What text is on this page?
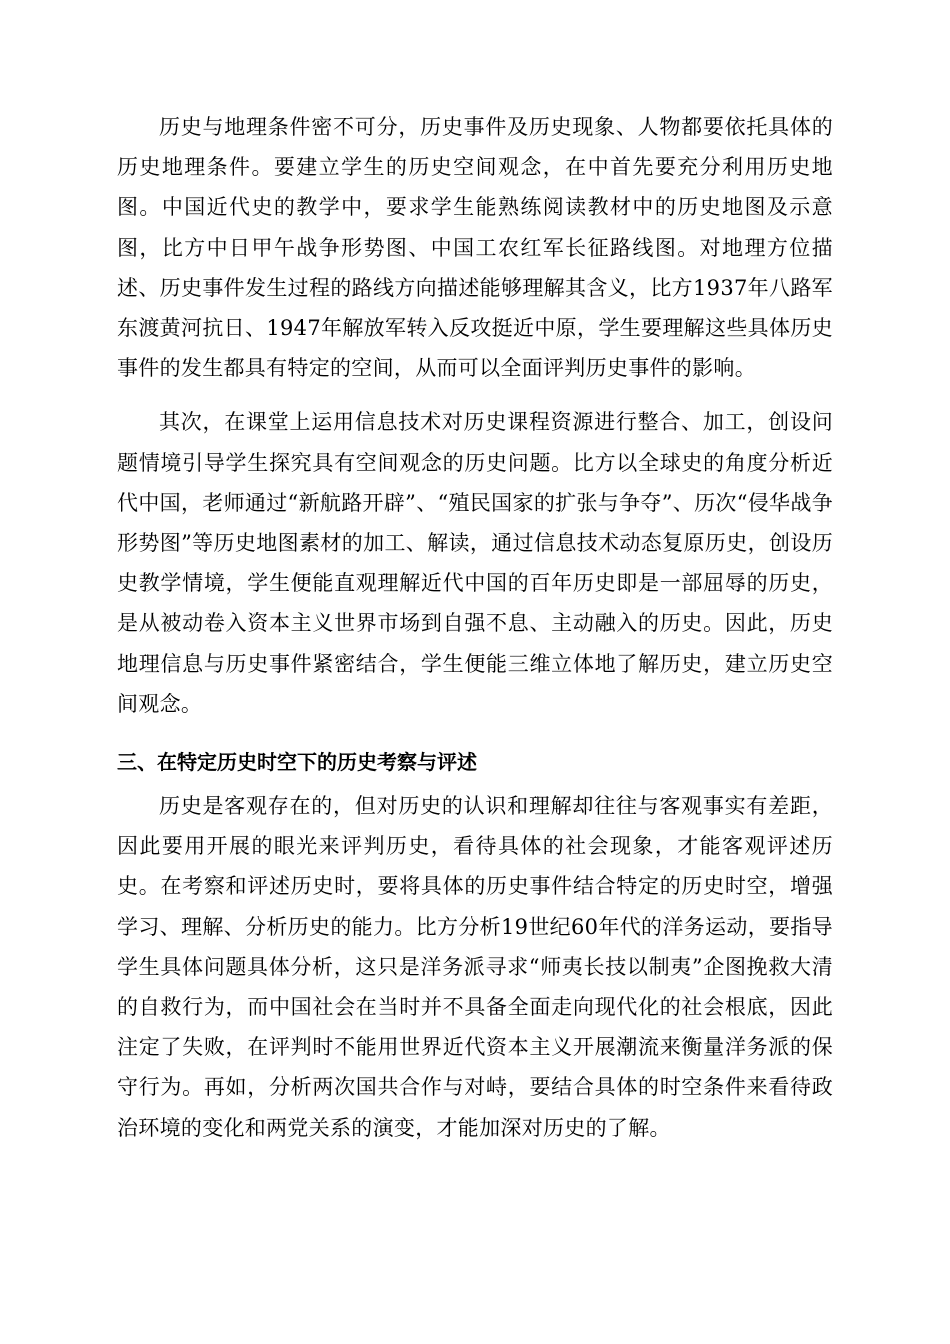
历史与地理条件密不可分，历史事件及历史现象、人物都要依托具体的历史地理条件。要建立学生的历史空间观念，在中首先要充分利用历史地图。中国近代史的教学中，要求学生能熟练阅读教材中的历史地图及示意图，比方中日甲午战争形势图、中国工农红军长征路线图。对地理方位描述、历史事件发生过程的路线方向描述能够理解其含义，比方1937年八路军东渡黄河抗日、1947年解放军转入反攻挺近中原，学生要理解这些具体历史事件的发生都具有特定的空间，从而可以全面评判历史事件的影响。

其次，在课堂上运用信息技术对历史课程资源进行整合、加工，创设问题情境引导学生探究具有空间观念的历史问题。比方以全球史的角度分析近代中国，老师通过“新航路开辟”、“殖民国家的扩张与争夺”、历次“侵华战争形势图”等历史地图素材的加工、解读，通过信息技术动态复原历史，创设历史教学情境，学生便能直观理解近代中国的百年历史即是一部屈辱的历史，是从被动卷入资本主义世界市场到自强不息、主动融入的历史。因此，历史地理信息与历史事件紧密结合，学生便能三维立体地了解历史，建立历史空间观念。

三、在特定历史时空下的历史考察与评述

历史是客观存在的，但对历史的认识和理解却往往与客观事实有差距，因此要用开展的眼光来评判历史，看待具体的社会现象，才能客观评述历史。在考察和评述历史时，要将具体的历史事件结合特定的历史时空，增强学习、理解、分析历史的能力。比方分析19世纪60年代的洋务运动，要指导学生具体问题具体分析，这只是洋务派寻求“师夷长技以制夷”企图挽救大清的自救行为，而中国社会在当时并不具备全面走向现代化的社会根底，因此注定了失败，在评判时不能用世界近代资本主义开展潮流来衡量洋务派的保守行为。再如，分析两次国共合作与对峙，要结合具体的时空条件来看待政治环境的变化和两党关系的演变，才能加深对历史的了解。
